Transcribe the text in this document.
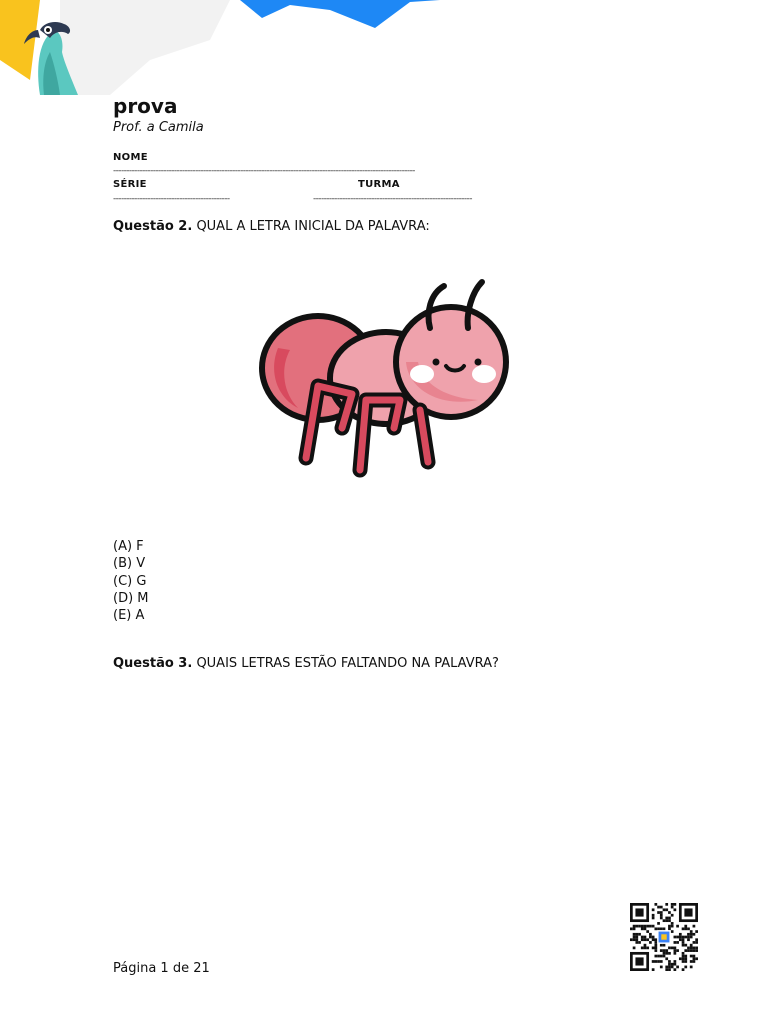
prova
Prof. a Camila
NOME
------------------------------------------------------------------------------------------------------------------
SÉRIE
--------------------------------------------
TURMA
------------------------------------------------------------
Questão 2. QUAL A LETRA INICIAL DA PALAVRA:
(A) F
(B) V
(C) G
(D) M
(E) A
Questão 3. QUAIS LETRAS ESTÃO FALTANDO NA PALAVRA?
Página 1 de 21
